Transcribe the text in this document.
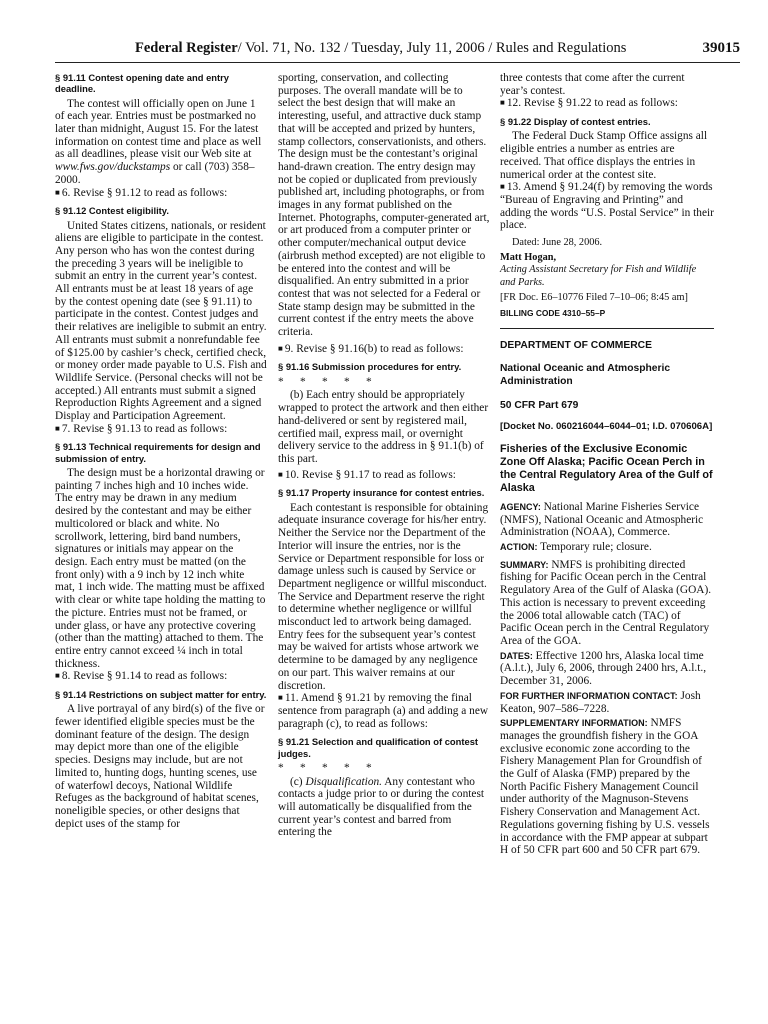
Federal Register/ Vol. 71, No. 132 / Tuesday, July 11, 2006 / Rules and Regulations	39015

§ 91.11 Contest opening date and entry deadline.

The contest will officially open on June 1 of each year. Entries must be postmarked no later than midnight, August 15. For the latest information on contest time and place as well as all deadlines, please visit our Web site at www.fws.gov/duckstamps or call (703) 358–2000.

■ 6. Revise § 91.12 to read as follows:

§ 91.12 Contest eligibility.

United States citizens, nationals, or resident aliens are eligible to participate in the contest. Any person who has won the contest during the preceding 3 years will be ineligible to submit an entry in the current year’s contest. All entrants must be at least 18 years of age by the contest opening date (see § 91.11) to participate in the contest. Contest judges and their relatives are ineligible to submit an entry. All entrants must submit a nonrefundable fee of $125.00 by cashier’s check, certified check, or money order made payable to U.S. Fish and Wildlife Service. (Personal checks will not be accepted.) All entrants must submit a signed Reproduction Rights Agreement and a signed Display and Participation Agreement.

■ 7. Revise § 91.13 to read as follows:

§ 91.13 Technical requirements for design and submission of entry.

The design must be a horizontal drawing or painting 7 inches high and 10 inches wide. The entry may be drawn in any medium desired by the contestant and may be either multicolored or black and white. No scrollwork, lettering, bird band numbers, signatures or initials may appear on the design. Each entry must be matted (on the front only) with a 9 inch by 12 inch white mat, 1 inch wide. The matting must be affixed with clear or white tape holding the matting to the picture. Entries must not be framed, or under glass, or have any protective covering (other than the matting) attached to them. The entire entry cannot exceed ¼ inch in total thickness.

■ 8. Revise § 91.14 to read as follows:

§ 91.14 Restrictions on subject matter for entry.

A live portrayal of any bird(s) of the five or fewer identified eligible species must be the dominant feature of the design. The design may depict more than one of the eligible species. Designs may include, but are not limited to, hunting dogs, hunting scenes, use of waterfowl decoys, National Wildlife Refuges as the background of habitat scenes, noneligible species, or other designs that depict uses of the stamp for

sporting, conservation, and collecting purposes. The overall mandate will be to select the best design that will make an interesting, useful, and attractive duck stamp that will be accepted and prized by hunters, stamp collectors, conservationists, and others. The design must be the contestant’s original hand-drawn creation. The entry design may not be copied or duplicated from previously published art, including photographs, or from images in any format published on the Internet. Photographs, computer-generated art, or art produced from a computer printer or other computer/mechanical output device (airbrush method excepted) are not eligible to be entered into the contest and will be disqualified. An entry submitted in a prior contest that was not selected for a Federal or State stamp design may be submitted in the current contest if the entry meets the above criteria.

■ 9. Revise § 91.16(b) to read as follows:

§ 91.16 Submission procedures for entry.

* * * * *

(b) Each entry should be appropriately wrapped to protect the artwork and then either hand-delivered or sent by registered mail, certified mail, express mail, or overnight delivery service to the address in § 91.1(b) of this part.

■ 10. Revise § 91.17 to read as follows:

§ 91.17 Property insurance for contest entries.

Each contestant is responsible for obtaining adequate insurance coverage for his/her entry. Neither the Service nor the Department of the Interior will insure the entries, nor is the Service or Department responsible for loss or damage unless such is caused by Service or Department negligence or willful misconduct. The Service and Department reserve the right to determine whether negligence or willful misconduct led to artwork being damaged. Entry fees for the subsequent year’s contest may be waived for artists whose artwork we determine to be damaged by any negligence on our part. This waiver remains at our discretion.

■ 11. Amend § 91.21 by removing the final sentence from paragraph (a) and adding a new paragraph (c), to read as follows:

§ 91.21 Selection and qualification of contest judges.

* * * * *

(c) Disqualification. Any contestant who contacts a judge prior to or during the contest will automatically be disqualified from the current year’s contest and barred from entering the

three contests that come after the current year’s contest.

■ 12. Revise § 91.22 to read as follows:

§ 91.22 Display of contest entries.

The Federal Duck Stamp Office assigns all eligible entries a number as entries are received. That office displays the entries in numerical order at the contest site.

■ 13. Amend § 91.24(f) by removing the words “Bureau of Engraving and Printing” and adding the words “U.S. Postal Service” in their place.

Dated: June 28, 2006.

Matt Hogan,

Acting Assistant Secretary for Fish and Wildlife and Parks.

[FR Doc. E6–10776 Filed 7–10–06; 8:45 am]

BILLING CODE 4310–55–P

DEPARTMENT OF COMMERCE

National Oceanic and Atmospheric Administration

50 CFR Part 679

[Docket No. 060216044–6044–01; I.D. 070606A]

Fisheries of the Exclusive Economic Zone Off Alaska; Pacific Ocean Perch in the Central Regulatory Area of the Gulf of Alaska

AGENCY: National Marine Fisheries Service (NMFS), National Oceanic and Atmospheric Administration (NOAA), Commerce.

ACTION: Temporary rule; closure.

SUMMARY: NMFS is prohibiting directed fishing for Pacific Ocean perch in the Central Regulatory Area of the Gulf of Alaska (GOA). This action is necessary to prevent exceeding the 2006 total allowable catch (TAC) of Pacific Ocean perch in the Central Regulatory Area of the GOA.

DATES: Effective 1200 hrs, Alaska local time (A.l.t.), July 6, 2006, through 2400 hrs, A.l.t., December 31, 2006.

FOR FURTHER INFORMATION CONTACT: Josh Keaton, 907–586–7228.

SUPPLEMENTARY INFORMATION: NMFS manages the groundfish fishery in the GOA exclusive economic zone according to the Fishery Management Plan for Groundfish of the Gulf of Alaska (FMP) prepared by the North Pacific Fishery Management Council under authority of the Magnuson-Stevens Fishery Conservation and Management Act. Regulations governing fishing by U.S. vessels in accordance with the FMP appear at subpart H of 50 CFR part 600 and 50 CFR part 679.
